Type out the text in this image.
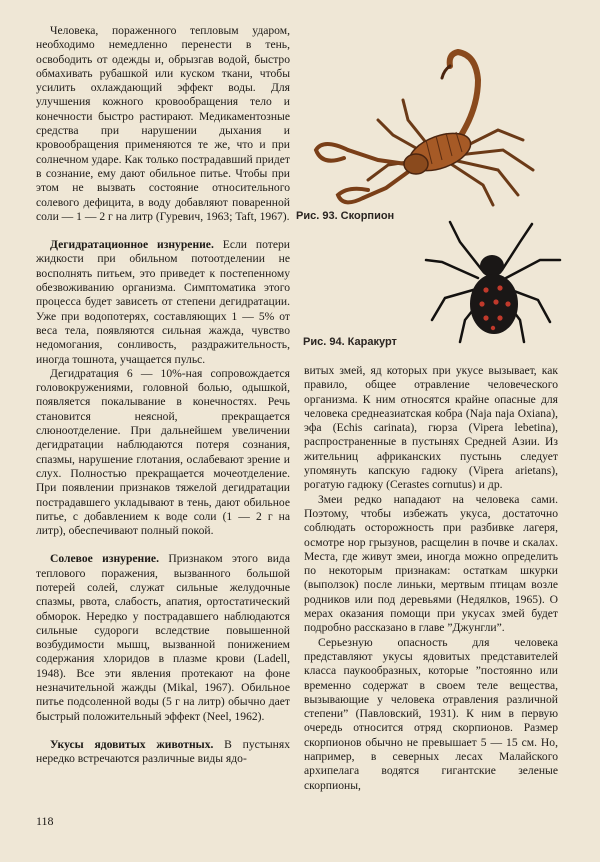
Человека, пораженного тепловым ударом, необходимо немедленно перенести в тень, освободить от одежды и, обрызгав водой, быстро обмахивать рубашкой или куском ткани, чтобы усилить охлаждающий эффект воды. Для улучшения кожного кровообращения тело и конечности быстро растирают. Медикаментозные средства при нарушении дыхания и кровообращения применяются те же, что и при солнечном ударе. Как только пострадавший придет в сознание, ему дают обильное питье. Чтобы при этом не вызвать состояние относительного солевого дефицита, в воду добавляют поваренной соли — 1 — 2 г на литр (Гуревич, 1963; Taft, 1967).

Дегидратационное изнурение. Если потери жидкости при обильном потоотделении не восполнять питьем, это приведет к постепенному обезвоживанию организма. Симптоматика этого процесса будет зависеть от степени дегидратации. Уже при водопотерях, составляющих 1 — 5% от веса тела, появляются сильная жажда, чувство недомогания, сонливость, раздражительность, иногда тошнота, учащается пульс.

Дегидратация 6 — 10%-ная сопровождается головокружениями, головной болью, одышкой, появляется покалывание в конечностях. Речь становится неясной, прекращается слюноотделение. При дальнейшем увеличении дегидратации наблюдаются потеря сознания, спазмы, нарушение глотания, ослабевают зрение и слух. Полностью прекращается мочеотделение. При появлении признаков тяжелой дегидратации пострадавшего укладывают в тень, дают обильное питье, с добавлением к воде соли (1 — 2 г на литр), обеспечивают полный покой.

Солевое изнурение. Признаком этого вида теплового поражения, вызванного большой потерей солей, служат сильные желудочные спазмы, рвота, слабость, апатия, ортостатический обморок. Нередко у пострадавшего наблюдаются сильные судороги вследствие повышенной возбудимости мышц, вызванной понижением содержания хлоридов в плазме крови (Ladell, 1948). Все эти явления протекают на фоне незначительной жажды (Mikal, 1967). Обильное питье подсоленной воды (5 г на литр) обычно дает быстрый положительный эффект (Neel, 1962).

Укусы ядовитых животных. В пустынях нередко встречаются различные виды ядо-

Рис. 93. Скорпион
Рис. 94. Каракурт

витых змей, яд которых при укусе вызывает, как правило, общее отравление человеческого организма. К ним относятся крайне опасные для человека среднеазиатская кобра (Naja naja Oxiana), эфа (Echis carinata), гюрза (Vipera lebetina), распространенные в пустынях Средней Азии. Из жительниц африканских пустынь следует упомянуть капскую гадюку (Vipera arietans), рогатую гадюку (Cerastes cornutus) и др.

Змеи редко нападают на человека сами. Поэтому, чтобы избежать укуса, достаточно соблюдать осторожность при разбивке лагеря, осмотре нор грызунов, расщелин в почве и скалах. Места, где живут змеи, иногда можно определить по некоторым признакам: остаткам шкурки (выползок) после линьки, мертвым птицам возле родников или под деревьями (Недялков, 1965). О мерах оказания помощи при укусах змей будет подробно рассказано в главе ”Джунгли”.

Серьезную опасность для человека представляют укусы ядовитых представителей класса паукообразных, которые ”постоянно или временно содержат в своем теле вещества, вызывающие у человека отравления различной степени” (Павловский, 1931). К ним в первую очередь относится отряд скорпионов. Размер скорпионов обычно не превышает 5 — 15 см. Но, например, в северных лесах Малайского архипелага водятся гигантские зеленые скорпионы,

118
